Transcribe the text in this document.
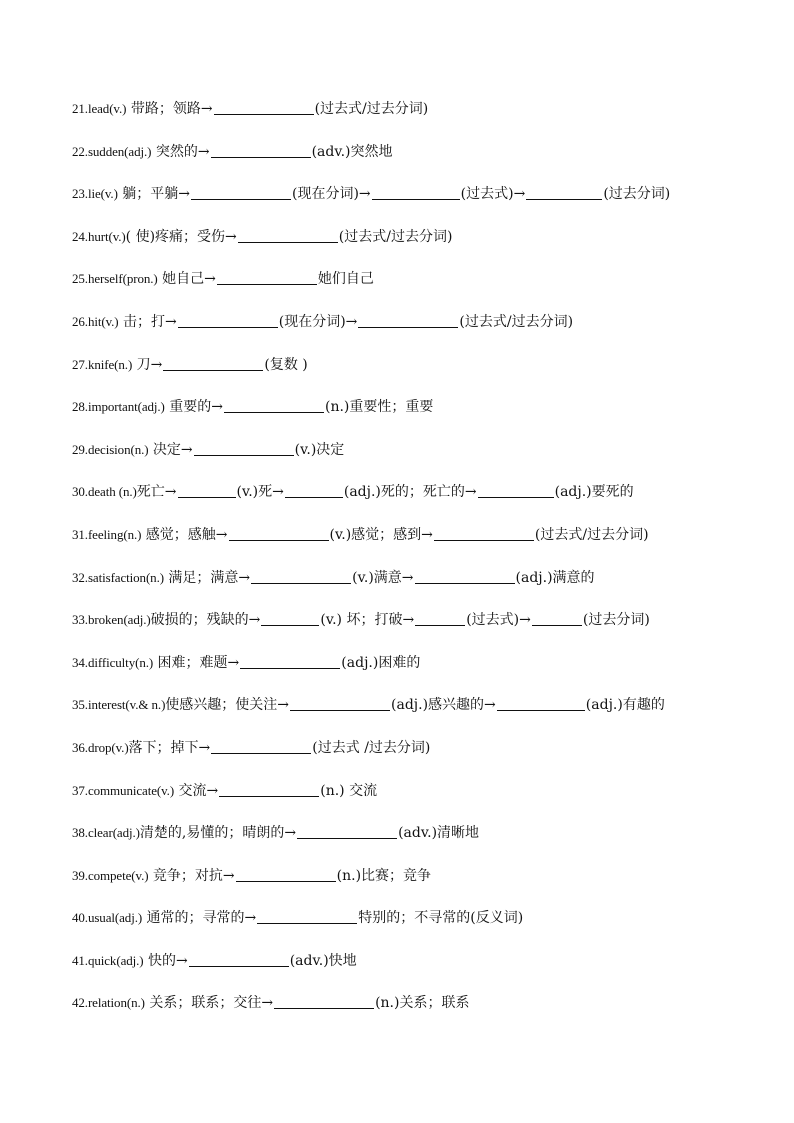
21. lead(v.) 带路；领路→	(过去式/过去分词)
22. sudden(adj.) 突然的→	(adv.)突然地
23. lie(v.) 躺；平躺→	(现在分词)→	(过去式)→	(过去分词)
24. hurt(v.) ( 使)疼痛；受伤→	(过去式/过去分词)
25. herself(pron.) 她自己→	她们自己
26. hit(v.) 击；打→	(现在分词)→	(过去式/过去分词)
27. knife(n.) 刀→	(复数 )
28. important(adj.) 重要的→	(n.)重要性；重要
29. decision(n.) 决定→	(v.)决定
30. death (n.) 死亡→	(v.)死→	(adj.)死的；死亡的→	(adj.)要死的
31. feeling(n.) 感觉；感触→	(v.)感觉；感到→	(过去式/过去分词)
32. satisfaction(n.) 满足；满意→	(v.)满意→	(adj.)满意的
33. broken(adj.) 破损的；残缺的→	(v.) 坏；打破→	(过去式)→	(过去分词)
34. difficulty(n.) 困难；难题→	(adj.)困难的
35. interest(v.& n.) 使感兴趣；使关注→	(adj.)感兴趣的→	(adj.)有趣的
36. drop(v.) 落下；掉下→	(过去式 /过去分词)
37. communicate(v.) 交流→	(n.) 交流
38. clear(adj.) 清楚的,易懂的；晴朗的→	(adv.)清晰地
39. compete(v.) 竞争；对抗→	(n.)比赛；竞争
40. usual(adj.) 通常的；寻常的→	特别的；不寻常的(反义词)
41. quick(adj.) 快的→	(adv.)快地
42. relation(n.) 关系；联系；交往→	(n.)关系；联系
